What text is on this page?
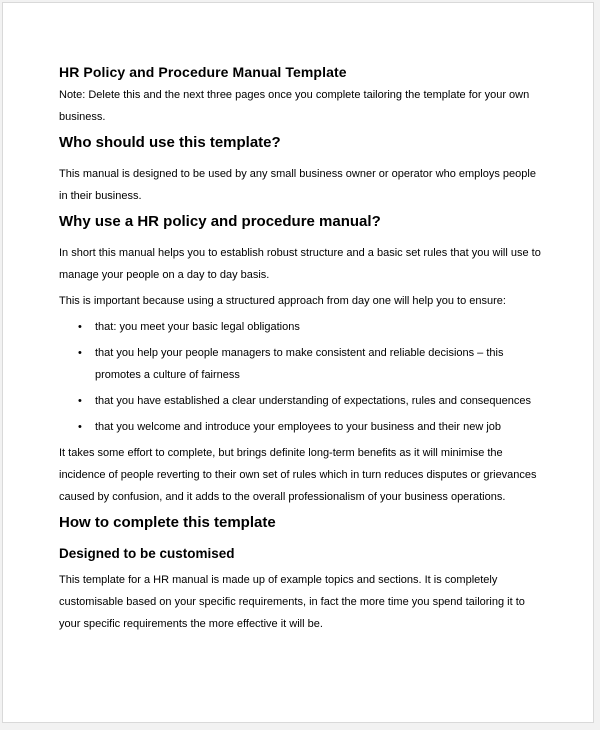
HR Policy and Procedure Manual Template

Note: Delete this and the next three pages once you complete tailoring the template for your own business.

Who should use this template?

This manual is designed to be used by any small business owner or operator who employs people in their business.

Why use a HR policy and procedure manual?

In short this manual helps you to establish robust structure and a basic set rules that you will use to manage your people on a day to day basis.

This is important because using a structured approach from day one will help you to ensure:

• that: you meet your basic legal obligations
• that you help your people managers to make consistent and reliable decisions – this promotes a culture of fairness
• that you have established a clear understanding of expectations, rules and consequences
• that you welcome and introduce your employees to your business and their new job

It takes some effort to complete, but brings definite long-term benefits as it will minimise the incidence of people reverting to their own set of rules which in turn reduces disputes or grievances caused by confusion, and it adds to the overall professionalism of your business operations.

How to complete this template
Designed to be customised

This template for a HR manual is made up of example topics and sections. It is completely customisable based on your specific requirements, in fact the more time you spend tailoring it to your specific requirements the more effective it will be.
